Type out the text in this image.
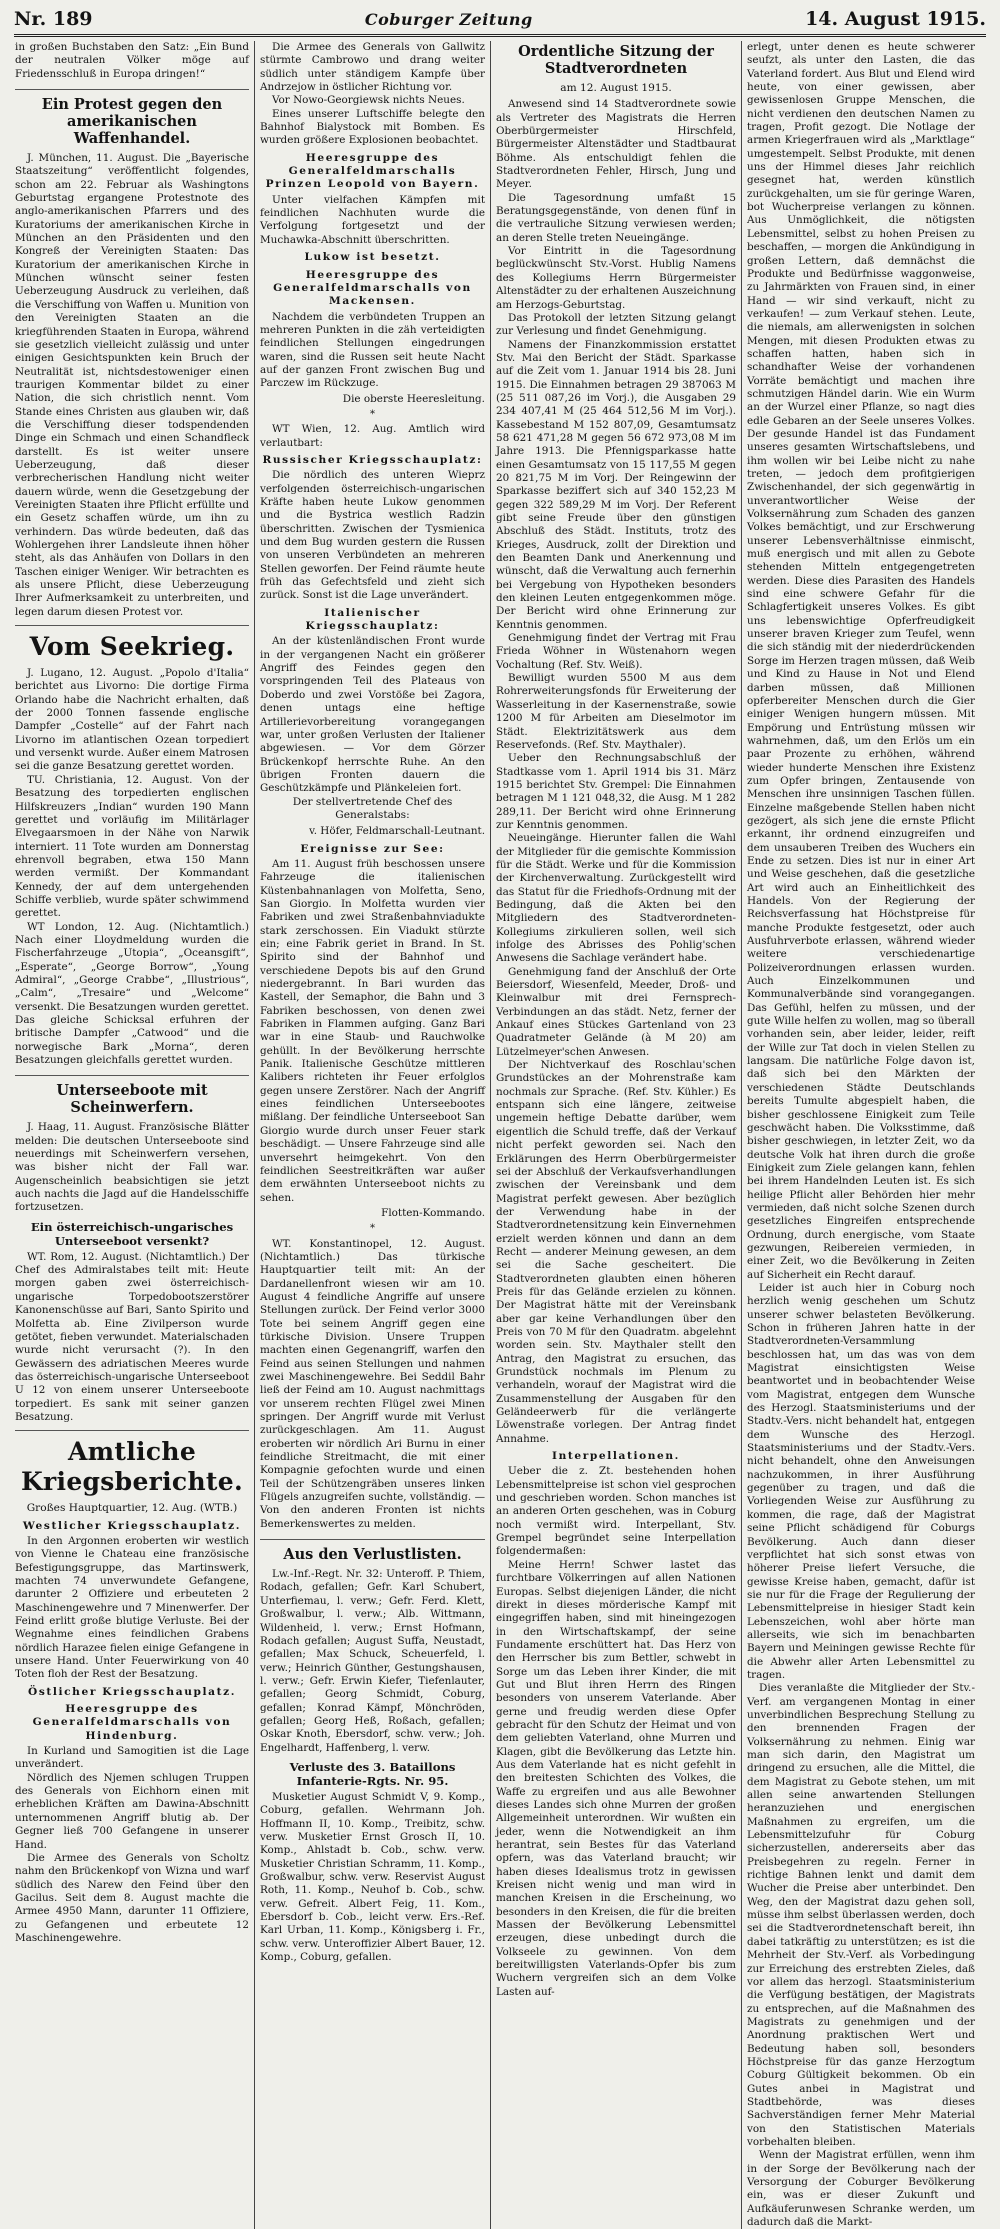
Nr. 189	Coburger Zeitung	14. August 1915.

in großen Buchstaben den Satz: „Ein Bund der neutralen Völker möge auf Friedensschluß in Europa dringen!“

Ein Protest gegen den amerikanischen Waffenhandel.

J. München, 11. August. Die „Bayerische Staatszeitung“ veröffentlicht folgendes, schon am 22. Februar als Washingtons Geburtstag ergangene Protestnote des anglo-amerikanischen Pfarrers und des Kuratoriums der amerikanischen Kirche in München an den Präsidenten und den Kongreß der Vereinigten Staaten: Das Kuratorium der amerikanischen Kirche in München wünscht seiner festen Ueberzeugung Ausdruck zu verleihen, daß die Verschiffung von Waffen u. Munition von den Vereinigten Staaten an die kriegführenden Staaten in Europa, während sie gesetzlich vielleicht zulässig und unter einigen Gesichtspunkten kein Bruch der Neutralität ist, nichtsdestoweniger einen traurigen Kommentar bildet zu einer Nation, die sich christlich nennt. Vom Stande eines Christen aus glauben wir, daß die Verschiffung dieser todspendenden Dinge ein Schmach und einen Schandfleck darstellt. Es ist weiter unsere Ueberzeugung, daß dieser verbrecherischen Handlung nicht weiter dauern würde, wenn die Gesetzgebung der Vereinigten Staaten ihre Pflicht erfüllte und ein Gesetz schaffen würde, um ihn zu verhindern. Das würde bedeuten, daß das Wohlergehen ihrer Landsleute ihnen höher steht, als das Anhäufen von Dollars in den Taschen einiger Weniger. Wir betrachten es als unsere Pflicht, diese Ueberzeugung Ihrer Aufmerksamkeit zu unterbreiten, und legen darum diesen Protest vor.

Vom Seekrieg.

J. Lugano, 12. August. „Popolo d'Italia“ berichtet aus Livorno: Die dortige Firma Orlando habe die Nachricht erhalten, daß der 2000 Tonnen fassende englische Dampfer „Costelle“ auf der Fahrt nach Livorno im atlantischen Ozean torpediert und versenkt wurde. Außer einem Matrosen sei die ganze Besatzung gerettet worden.

TU. Christiania, 12. August. Von der Besatzung des torpedierten englischen Hilfskreuzers „Indian“ wurden 190 Mann gerettet und vorläufig im Militärlager Elvegaarsmoen in der Nähe von Narwik interniert. 11 Tote wurden am Donnerstag ehrenvoll begraben, etwa 150 Mann werden vermißt. Der Kommandant Kennedy, der auf dem untergehenden Schiffe verblieb, wurde später schwimmend gerettet.

WT London, 12. Aug. (Nichtamtlich.) Nach einer Lloydmeldung wurden die Fischerfahrzeuge „Utopia“, „Oceansgift“, „Esperate“, „George Borrow“, „Young Admiral“, „George Crabbe“, „Illustrious“, „Calm“, „Tresaire“ und „Welcome“ versenkt. Die Besatzungen wurden gerettet. Das gleiche Schicksal erfuhren der britische Dampfer „Catwood“ und die norwegische Bark „Morna“, deren Besatzungen gleichfalls gerettet wurden.

Unterseeboote mit Scheinwerfern.

J. Haag, 11. August. Französische Blätter melden: Die deutschen Unterseeboote sind neuerdings mit Scheinwerfern versehen, was bisher nicht der Fall war. Augenscheinlich beabsichtigen sie jetzt auch nachts die Jagd auf die Handelsschiffe fortzusetzen.

Ein österreichisch-ungarisches Unterseeboot versenkt?

WT. Rom, 12. August. (Nichtamtlich.) Der Chef des Admiralstabes teilt mit: Heute morgen gaben zwei österreichisch-ungarische Torpedobootszerstörer Kanonenschüsse auf Bari, Santo Spirito und Molfetta ab. Eine Zivilperson wurde getötet, fieben verwundet. Materialschaden wurde nicht verursacht (?). In den Gewässern des adriatischen Meeres wurde das österreichisch-ungarische Unterseeboot U 12 von einem unserer Unterseeboote torpediert. Es sank mit seiner ganzen Besatzung.

Amtliche Kriegsberichte.
Großes Hauptquartier, 12. Aug. (WTB.)
Westlicher Kriegsschauplatz.

In den Argonnen eroberten wir westlich von Vienne le Chateau eine französische Befestigungsgruppe, das Martinswerk, machten 74 unverwundete Gefangene, darunter 2 Offiziere und erbeuteten 2 Maschinengewehre und 7 Minenwerfer. Der Feind erlitt große blutige Verluste. Bei der Wegnahme eines feindlichen Grabens nördlich Harazee fielen einige Gefangene in unsere Hand. Unter Feuerwirkung von 40 Toten floh der Rest der Besatzung.

Östlicher Kriegsschauplatz.
Heeresgruppe des Generalfeldmarschalls von Hindenburg.

In Kurland und Samogitien ist die Lage unverändert.

Nördlich des Njemen schlugen Truppen des Generals von Eichhorn einen mit erheblichen Kräften am Dawina-Abschnitt unternommenen Angriff blutig ab. Der Gegner ließ 700 Gefangene in unserer Hand.

Die Armee des Generals von Scholtz nahm den Brückenkopf von Wizna und warf südlich des Narew den Feind über den Gacilus. Seit dem 8. August machte die Armee 4950 Mann, darunter 11 Offiziere, zu Gefangenen und erbeutete 12 Maschinengewehre.

Die Armee des Generals von Gallwitz stürmte Cambrowo und drang weiter südlich unter ständigem Kampfe über Andrzejow in östlicher Richtung vor.

Vor Nowo-Georgiewsk nichts Neues.

Eines unserer Luftschiffe belegte den Bahnhof Bialystock mit Bomben. Es wurden größere Explosionen beobachtet.

Heeresgruppe des Generalfeldmarschalls Prinzen Leopold von Bayern.

Unter vielfachen Kämpfen mit feindlichen Nachhuten wurde die Verfolgung fortgesetzt und der Muchawka-Abschnitt überschritten.

Lukow ist besetzt.
Heeresgruppe des Generalfeldmarschalls von Mackensen.

Nachdem die verbündeten Truppen an mehreren Punkten in die zäh verteidigten feindlichen Stellungen eingedrungen waren, sind die Russen seit heute Nacht auf der ganzen Front zwischen Bug und Parczew im Rückzuge.

Die oberste Heeresleitung.
*

WT Wien, 12. Aug. Amtlich wird verlautbart:

Russischer Kriegsschauplatz:

Die nördlich des unteren Wieprz verfolgenden österreichisch-ungarischen Kräfte haben heute Lukow genommen und die Bystrica westlich Radzin überschritten. Zwischen der Tysmienica und dem Bug wurden gestern die Russen von unseren Verbündeten an mehreren Stellen geworfen. Der Feind räumte heute früh das Gefechtsfeld und zieht sich zurück. Sonst ist die Lage unverändert.

Italienischer Kriegsschauplatz:

An der küstenländischen Front wurde in der vergangenen Nacht ein größerer Angriff des Feindes gegen den vorspringenden Teil des Plateaus von Doberdo und zwei Vorstöße bei Zagora, denen untags eine heftige Artillerievorbereitung vorangegangen war, unter großen Verlusten der Italiener abgewiesen. — Vor dem Görzer Brückenkopf herrschte Ruhe. An den übrigen Fronten dauern die Geschützkämpfe und Plänkeleien fort.

Der stellvertretende Chef des Generalstabs:
v. Höfer, Feldmarschall-Leutnant.
Ereignisse zur See:

Am 11. August früh beschossen unsere Fahrzeuge die italienischen Küstenbahnanlagen von Molfetta, Seno, San Giorgio. In Molfetta wurden vier Fabriken und zwei Straßenbahnviadukte stark zerschossen. Ein Viadukt stürzte ein; eine Fabrik geriet in Brand. In St. Spirito sind der Bahnhof und verschiedene Depots bis auf den Grund niedergebrannt. In Bari wurden das Kastell, der Semaphor, die Bahn und 3 Fabriken beschossen, von denen zwei Fabriken in Flammen aufging. Ganz Bari war in eine Staub- und Rauchwolke gehüllt. In der Bevölkerung herrschte Panik. Italienische Geschütze mittleren Kalibers richteten ihr Feuer erfolglos gegen unsere Zerstörer. Nach der Angriff eines feindlichen Unterseebootes mißlang. Der feindliche Unterseeboot San Giorgio wurde durch unser Feuer stark beschädigt. — Unsere Fahrzeuge sind alle unversehrt heimgekehrt. Von den feindlichen Seestreitkräften war außer dem erwähnten Unterseeboot nichts zu sehen.

Flotten-Kommando.
*

WT. Konstantinopel, 12. August. (Nichtamtlich.) Das türkische Hauptquartier teilt mit: An der Dardanellenfront wiesen wir am 10. August 4 feindliche Angriffe auf unsere Stellungen zurück. Der Feind verlor 3000 Tote bei seinem Angriff gegen eine türkische Division. Unsere Truppen machten einen Gegenangriff, warfen den Feind aus seinen Stellungen und nahmen zwei Maschinengewehre. Bei Seddil Bahr ließ der Feind am 10. August nachmittags vor unserem rechten Flügel zwei Minen springen. Der Angriff wurde mit Verlust zurückgeschlagen. Am 11. August eroberten wir nördlich Ari Burnu in einer feindliche Streitmacht, die mit einer Kompagnie gefochten wurde und einen Teil der Schützengräben unseres linken Flügels anzugreifen suchte, vollständig. — Von den anderen Fronten ist nichts Bemerkenswertes zu melden.

Aus den Verlustlisten.

Lw.-Inf.-Regt. Nr. 32: Unteroff. P. Thiem, Rodach, gefallen; Gefr. Karl Schubert, Unterfiemau, l. verw.; Gefr. Ferd. Klett, Großwalbur, l. verw.; Alb. Wittmann, Wildenheid, l. verw.; Ernst Hofmann, Rodach gefallen; August Suffa, Neustadt, gefallen; Max Schuck, Scheuerfeld, l. verw.; Heinrich Günther, Gestungshausen, l. verw.; Gefr. Erwin Kiefer, Tiefenlauter, gefallen; Georg Schmidt, Coburg, gefallen; Konrad Kämpf, Mönchröden, gefallen; Georg Heß, Roßach, gefallen; Oskar Knoth, Ebersdorf, schw. verw.; Joh. Engelhardt, Haffenberg, l. verw.

Verluste des 3. Bataillons Infanterie-Rgts. Nr. 95.

Musketier August Schmidt V, 9. Komp., Coburg, gefallen. Wehrmann Joh. Hoffmann II, 10. Komp., Treibitz, schw. verw. Musketier Ernst Grosch II, 10. Komp., Ahlstadt b. Cob., schw. verw. Musketier Christian Schramm, 11. Komp., Großwalbur, schw. verw. Reservist August Roth, 11. Komp., Neuhof b. Cob., schw. verw. Gefreit. Albert Feig, 11. Kom., Ebersdorf b. Cob., leicht verw. Ers.-Ref. Karl Urban, 11. Komp., Königsberg i. Fr., schw. verw. Unteroffizier Albert Bauer, 12. Komp., Coburg, gefallen.

Ordentliche Sitzung der Stadtverordneten
am 12. August 1915.

Anwesend sind 14 Stadtverordnete sowie als Vertreter des Magistrats die Herren Oberbürgermeister Hirschfeld, Bürgermeister Altenstädter und Stadtbaurat Böhme. Als entschuldigt fehlen die Stadtverordneten Fehler, Hirsch, Jung und Meyer.

Die Tagesordnung umfaßt 15 Beratungsgegenstände, von denen fünf in die vertrauliche Sitzung verwiesen werden; an deren Stelle treten Neueingänge.

Vor Eintritt in die Tagesordnung beglückwünscht Stv.-Vorst. Hublig Namens des Kollegiums Herrn Bürgermeister Altenstädter zu der erhaltenen Auszeichnung am Herzogs-Geburtstag.

Das Protokoll der letzten Sitzung gelangt zur Verlesung und findet Genehmigung.

Namens der Finanzkommission erstattet Stv. Mai den Bericht der Städt. Sparkasse auf die Zeit vom 1. Januar 1914 bis 28. Juni 1915. Die Einnahmen betragen 29 387063 M (25 511 087,26 im Vorj.), die Ausgaben 29 234 407,41 M (25 464 512,56 M im Vorj.). Kassebestand M 152 807,09, Gesamtumsatz 58 621 471,28 M gegen 56 672 973,08 M im Jahre 1913. Die Pfennigsparkasse hatte einen Gesamtumsatz von 15 117,55 M gegen 20 821,75 M im Vorj. Der Reingewinn der Sparkasse beziffert sich auf 340 152,23 M gegen 322 589,29 M im Vorj. Der Referent gibt seine Freude über den günstigen Abschluß des Städt. Instituts, trotz des Krieges, Ausdruck, zollt der Direktion und den Beamten Dank und Anerkennung und wünscht, daß die Verwaltung auch fernerhin bei Vergebung von Hypotheken besonders den kleinen Leuten entgegenkommen möge. Der Bericht wird ohne Erinnerung zur Kenntnis genommen.

Genehmigung findet der Vertrag mit Frau Frieda Wöhner in Wüstenahorn wegen Vochaltung (Ref. Stv. Weiß).

Bewilligt wurden 5500 M aus dem Rohrerweiterungsfonds für Erweiterung der Wasserleitung in der Kasernenstraße, sowie 1200 M für Arbeiten am Dieselmotor im Städt. Elektrizitätswerk aus dem Reservefonds. (Ref. Stv. Maythaler).

Ueber den Rechnungsabschluß der Stadtkasse vom 1. April 1914 bis 31. März 1915 berichtet Stv. Grempel: Die Einnahmen betragen M 1 121 048,32, die Ausg. M 1 282 289,11. Der Bericht wird ohne Erinnerung zur Kenntnis genommen.

Neueingänge. Hierunter fallen die Wahl der Mitglieder für die gemischte Kommission für die Städt. Werke und für die Kommission der Kirchenverwaltung. Zurückgestellt wird das Statut für die Friedhofs-Ordnung mit der Bedingung, daß die Akten bei den Mitgliedern des Stadtverordneten-Kollegiums zirkulieren sollen, weil sich infolge des Abrisses des Pohlig'schen Anwesens die Sachlage verändert habe.

Genehmigung fand der Anschluß der Orte Beiersdorf, Wiesenfeld, Meeder, Droß- und Kleinwalbur mit drei Fernsprech-Verbindungen an das städt. Netz, ferner der Ankauf eines Stückes Gartenland von 23 Quadratmeter Gelände (à M 20) am Lützelmeyer'schen Anwesen.

Der Nichtverkauf des Roschlau'schen Grundstückes an der Mohrenstraße kam nochmals zur Sprache. (Ref. Stv. Kühler.) Es entspann sich eine längere, zeitweise ungemein heftige Debatte darüber, wem eigentlich die Schuld treffe, daß der Verkauf nicht perfekt geworden sei. Nach den Erklärungen des Herrn Oberbürgermeister sei der Abschluß der Verkaufsverhandlungen zwischen der Vereinsbank und dem Magistrat perfekt gewesen. Aber bezüglich der Verwendung habe in der Stadtverordnetensitzung kein Einvernehmen erzielt werden können und dann an dem Recht — anderer Meinung gewesen, an dem sei die Sache gescheitert. Die Stadtverordneten glaubten einen höheren Preis für das Gelände erzielen zu können. Der Magistrat hätte mit der Vereinsbank aber gar keine Verhandlungen über den Preis von 70 M für den Quadratm. abgelehnt worden sein. Stv. Maythaler stellt den Antrag, den Magistrat zu ersuchen, das Grundstück nochmals im Plenum zu verhandeln, worauf der Magistrat wird die Zusammenstellung der Ausgaben für den Geländeerwerb für die verlängerte Löwenstraße vorlegen. Der Antrag findet Annahme.

Interpellationen.

Ueber die z. Zt. bestehenden hohen Lebensmittelpreise ist schon viel gesprochen und geschrieben worden. Schon manches ist an anderen Orten geschehen, was in Coburg noch vermißt wird. Interpellant, Stv. Grempel begründet seine Interpellation folgendermaßen:

Meine Herrn! Schwer lastet das furchtbare Völkerringen auf allen Nationen Europas. Selbst diejenigen Länder, die nicht direkt in dieses mörderische Kampf mit eingegriffen haben, sind mit hineingezogen in den Wirtschaftskampf, der seine Fundamente erschüttert hat. Das Herz von den Herrscher bis zum Bettler, schwebt in Sorge um das Leben ihrer Kinder, die mit Gut und Blut ihren Herrn des Ringen besonders von unserem Vaterlande. Aber gerne und freudig werden diese Opfer gebracht für den Schutz der Heimat und von dem geliebten Vaterland, ohne Murren und Klagen, gibt die Bevölkerung das Letzte hin. Aus dem Vaterlande hat es nicht gefehlt in den breitesten Schichten des Volkes, die Waffe zu ergreifen und aus alle Bewohner dieses Landes sich ohne Murren der großen Allgemeinheit unterordnen. Wir wußten ein jeder, wenn die Notwendigkeit an ihm herantrat, sein Bestes für das Vaterland opfern, was das Vaterland braucht; wir haben dieses Idealismus trotz in gewissen Kreisen nicht wenig und man wird in manchen Kreisen in die Erscheinung, wo besonders in den Kreisen, die für die breiten Massen der Bevölkerung Lebensmittel erzeugen, diese unbedingt durch die Volkseele zu gewinnen. Von dem bereitwilligsten Vaterlands-Opfer bis zum Wuchern vergreifen sich an dem Volke Lasten auf-

erlegt, unter denen es heute schwerer seufzt, als unter den Lasten, die das Vaterland fordert. Aus Blut und Elend wird heute, von einer gewissen, aber gewissenlosen Gruppe Menschen, die nicht verdienen den deutschen Namen zu tragen, Profit gezogt. Die Notlage der armen Kriegerfrauen wird als „Marktlage“ umgestempelt. Selbst Produkte, mit denen uns der Himmel dieses Jahr reichlich gesegnet hat, werden künstlich zurückgehalten, um sie für geringe Waren, bot Wucherpreise verlangen zu können. Aus Unmöglichkeit, die nötigsten Lebensmittel, selbst zu hohen Preisen zu beschaffen, — morgen die Ankündigung in großen Lettern, daß demnächst die Produkte und Bedürfnisse waggonweise, zu Jahrmärkten von Frauen sind, in einer Hand — wir sind verkauft, nicht zu verkaufen! — zum Verkauf stehen. Leute, die niemals, am allerwenigsten in solchen Mengen, mit diesen Produkten etwas zu schaffen hatten, haben sich in schandhafter Weise der vorhandenen Vorräte bemächtigt und machen ihre schmutzigen Händel darin. Wie ein Wurm an der Wurzel einer Pflanze, so nagt dies edle Gebaren an der Seele unseres Volkes. Der gesunde Handel ist das Fundament unseres gesamten Wirtschaftslebens, und ihm wollen wir bei Leibe nicht zu nahe treten, — jedoch dem profitgierigen Zwischenhandel, der sich gegenwärtig in unverantwortlicher Weise der Volksernährung zum Schaden des ganzen Volkes bemächtigt, und zur Erschwerung unserer Lebensverhältnisse einmischt, muß energisch und mit allen zu Gebote stehenden Mitteln entgegengetreten werden. Diese dies Parasiten des Handels sind eine schwere Gefahr für die Schlagfertigkeit unseres Volkes. Es gibt uns lebenswichtige Opferfreudigkeit unserer braven Krieger zum Teufel, wenn die sich ständig mit der niederdrückenden Sorge im Herzen tragen müssen, daß Weib und Kind zu Hause in Not und Elend darben müssen, daß Millionen opferbereiter Menschen durch die Gier einiger Wenigen hungern müssen. Mit Empörung und Entrüstung müssen wir wahrnehmen, daß, um den Erlös um ein paar Prozente zu erhöhen, während wieder hunderte Menschen ihre Existenz zum Opfer bringen, Zentausende von Menschen ihre unsinnigen Taschen füllen. Einzelne maßgebende Stellen haben nicht gezögert, als sich jene die ernste Pflicht erkannt, ihr ordnend einzugreifen und dem unsauberen Treiben des Wuchers ein Ende zu setzen. Dies ist nur in einer Art und Weise geschehen, daß die gesetzliche Art wird auch an Einheitlichkeit des Handels. Von der Regierung der Reichsverfassung hat Höchstpreise für manche Produkte festgesetzt, oder auch Ausfuhrverbote erlassen, während wieder weitere verschiedenartige Polizeiverordnungen erlassen wurden. Auch Einzelkommunen und Kommunalverbände sind vorangegangen. Das Gefühl, helfen zu müssen, und der gute Wille helfen zu wollen, mag so überall vorhanden sein, aber leider, leider, reift der Wille zur Tat doch in vielen Stellen zu langsam. Die natürliche Folge davon ist, daß sich bei den Märkten der verschiedenen Städte Deutschlands bereits Tumulte abgespielt haben, die bisher geschlossene Einigkeit zum Teile geschwächt haben. Die Volksstimme, daß bisher geschwiegen, in letzter Zeit, wo da deutsche Volk hat ihren durch die große Einigkeit zum Ziele gelangen kann, fehlen bei ihrem Handelnden Leuten ist. Es sich heilige Pflicht aller Behörden hier mehr vermieden, daß nicht solche Szenen durch gesetzliches Eingreifen entsprechende Ordnung, durch energische, vom Staate gezwungen, Reibereien vermieden, in einer Zeit, wo die Bevölkerung in Zeiten auf Sicherheit ein Recht darauf.

Leider ist auch hier in Coburg noch herzlich wenig geschehen um Schutz unserer schwer belasteten Bevölkerung. Schon in früheren Jahren hatte in der Stadtverordneten-Versammlung beschlossen hat, um das was von dem Magistrat einsichtigsten Weise beantwortet und in beobachtender Weise vom Magistrat, entgegen dem Wunsche des Herzogl. Staatsministeriums und der Stadtv.-Vers. nicht behandelt hat, entgegen dem Wunsche des Herzogl. Staatsministeriums und der Stadtv.-Vers. nicht behandelt, ohne den Anweisungen nachzukommen, in ihrer Ausführung gegenüber zu tragen, und daß die Vorliegenden Weise zur Ausführung zu kommen, die rage, daß der Magistrat seine Pflicht schädigend für Coburgs Bevölkerung. Auch dann dieser verpflichtet hat sich sonst etwas von höherer Preise liefert Versuche, die gewisse Kreise haben, gemacht, dafür ist sie nur für die Frage der Regulierung der Lebensmittelpreise in hiesiger Stadt kein Lebenszeichen, wohl aber hörte man allerseits, wie sich im benachbarten Bayern und Meiningen gewisse Rechte für die Abwehr aller Arten Lebensmittel zu tragen.

Dies veranlaßte die Mitglieder der Stv.-Verf. am vergangenen Montag in einer unverbindlichen Besprechung Stellung zu den brennenden Fragen der Volksernährung zu nehmen. Einig war man sich darin, den Magistrat um dringend zu ersuchen, alle die Mittel, die dem Magistrat zu Gebote stehen, um mit allen seine anwartenden Stellungen heranzuziehen und energischen Maßnahmen zu ergreifen, um die Lebensmittelzufuhr für Coburg sicherzustellen, andererseits aber das Preisbegehren zu regeln. Ferner in richtige Bahnen lenkt und damit dem Wucher die Preise aber unterbindet. Den Weg, den der Magistrat dazu gehen soll, müsse ihm selbst überlassen werden, doch sei die Stadtverordnetenschaft bereit, ihn dabei tatkräftig zu unterstützen; es ist die Mehrheit der Stv.-Verf. als Vorbedingung zur Erreichung des erstrebten Zieles, daß vor allem das herzogl. Staatsministerium die Verfügung bestätigen, der Magistrats zu entsprechen, auf die Maßnahmen des Magistrats zu genehmigen und der Anordnung praktischen Wert und Bedeutung haben soll, besonders Höchstpreise für das ganze Herzogtum Coburg Gültigkeit bekommen. Ob ein Gutes anbei in Magistrat und Stadtbehörde, was dieses Sachverständigen ferner Mehr Material von den Statistischen Materials vorbehalten bleiben.

Wenn der Magistrat erfüllen, wenn ihm in der Sorge der Bevölkerung nach der Versorgung der Coburger Bevölkerung ein, was er dieser Zukunft und Aufkäuferunwesen Schranke werden, um dadurch daß die Markt-
